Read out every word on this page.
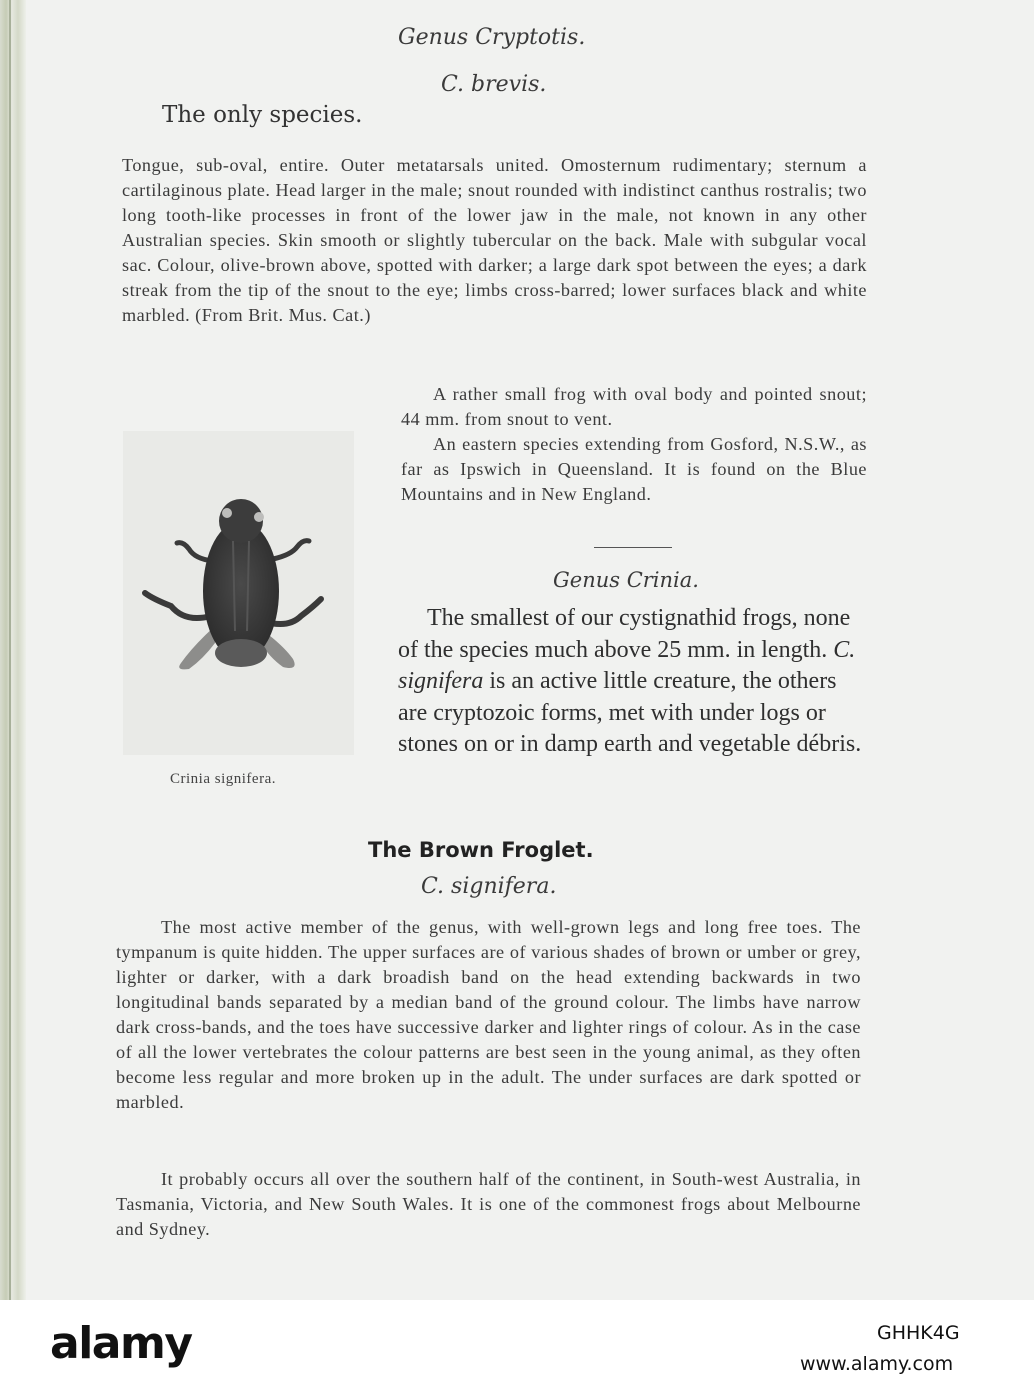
Genus Cryptotis.

C. brevis.

The only species.

Tongue, sub-oval, entire. Outer metatarsals united. Omosternum rudimentary; sternum a cartilaginous plate. Head larger in the male; snout rounded with indistinct canthus rostralis; two long tooth-like processes in front of the lower jaw in the male, not known in any other Australian species. Skin smooth or slightly tubercular on the back. Male with subgular vocal sac. Colour, olive-brown above, spotted with darker; a large dark spot between the eyes; a dark streak from the tip of the snout to the eye; limbs cross-barred; lower surfaces black and white marbled. (From Brit. Mus. Cat.)

A rather small frog with oval body and pointed snout; 44 mm. from snout to vent.

An eastern species extending from Gosford, N.S.W., as far as Ipswich in Queensland. It is found on the Blue Mountains and in New England.

Crinia signifera.

Genus Crinia.

The smallest of our cystignathid frogs, none of the species much above 25 mm. in length. C. signifera is an active little creature, the others are cryptozoic forms, met with under logs or stones on or in damp earth and vegetable débris.

The Brown Froglet.

C. signifera.

The most active member of the genus, with well-grown legs and long free toes. The tympanum is quite hidden. The upper surfaces are of various shades of brown or umber or grey, lighter or darker, with a dark broadish band on the head extending backwards in two longitudinal bands separated by a median band of the ground colour. The limbs have narrow dark cross-bands, and the toes have successive darker and lighter rings of colour. As in the case of all the lower vertebrates the colour patterns are best seen in the young animal, as they often become less regular and more broken up in the adult. The under surfaces are dark spotted or marbled.

It probably occurs all over the southern half of the continent, in South-west Australia, in Tasmania, Victoria, and New South Wales. It is one of the commonest frogs about Melbourne and Sydney.

alamy	GHHK4G
www.alamy.com
